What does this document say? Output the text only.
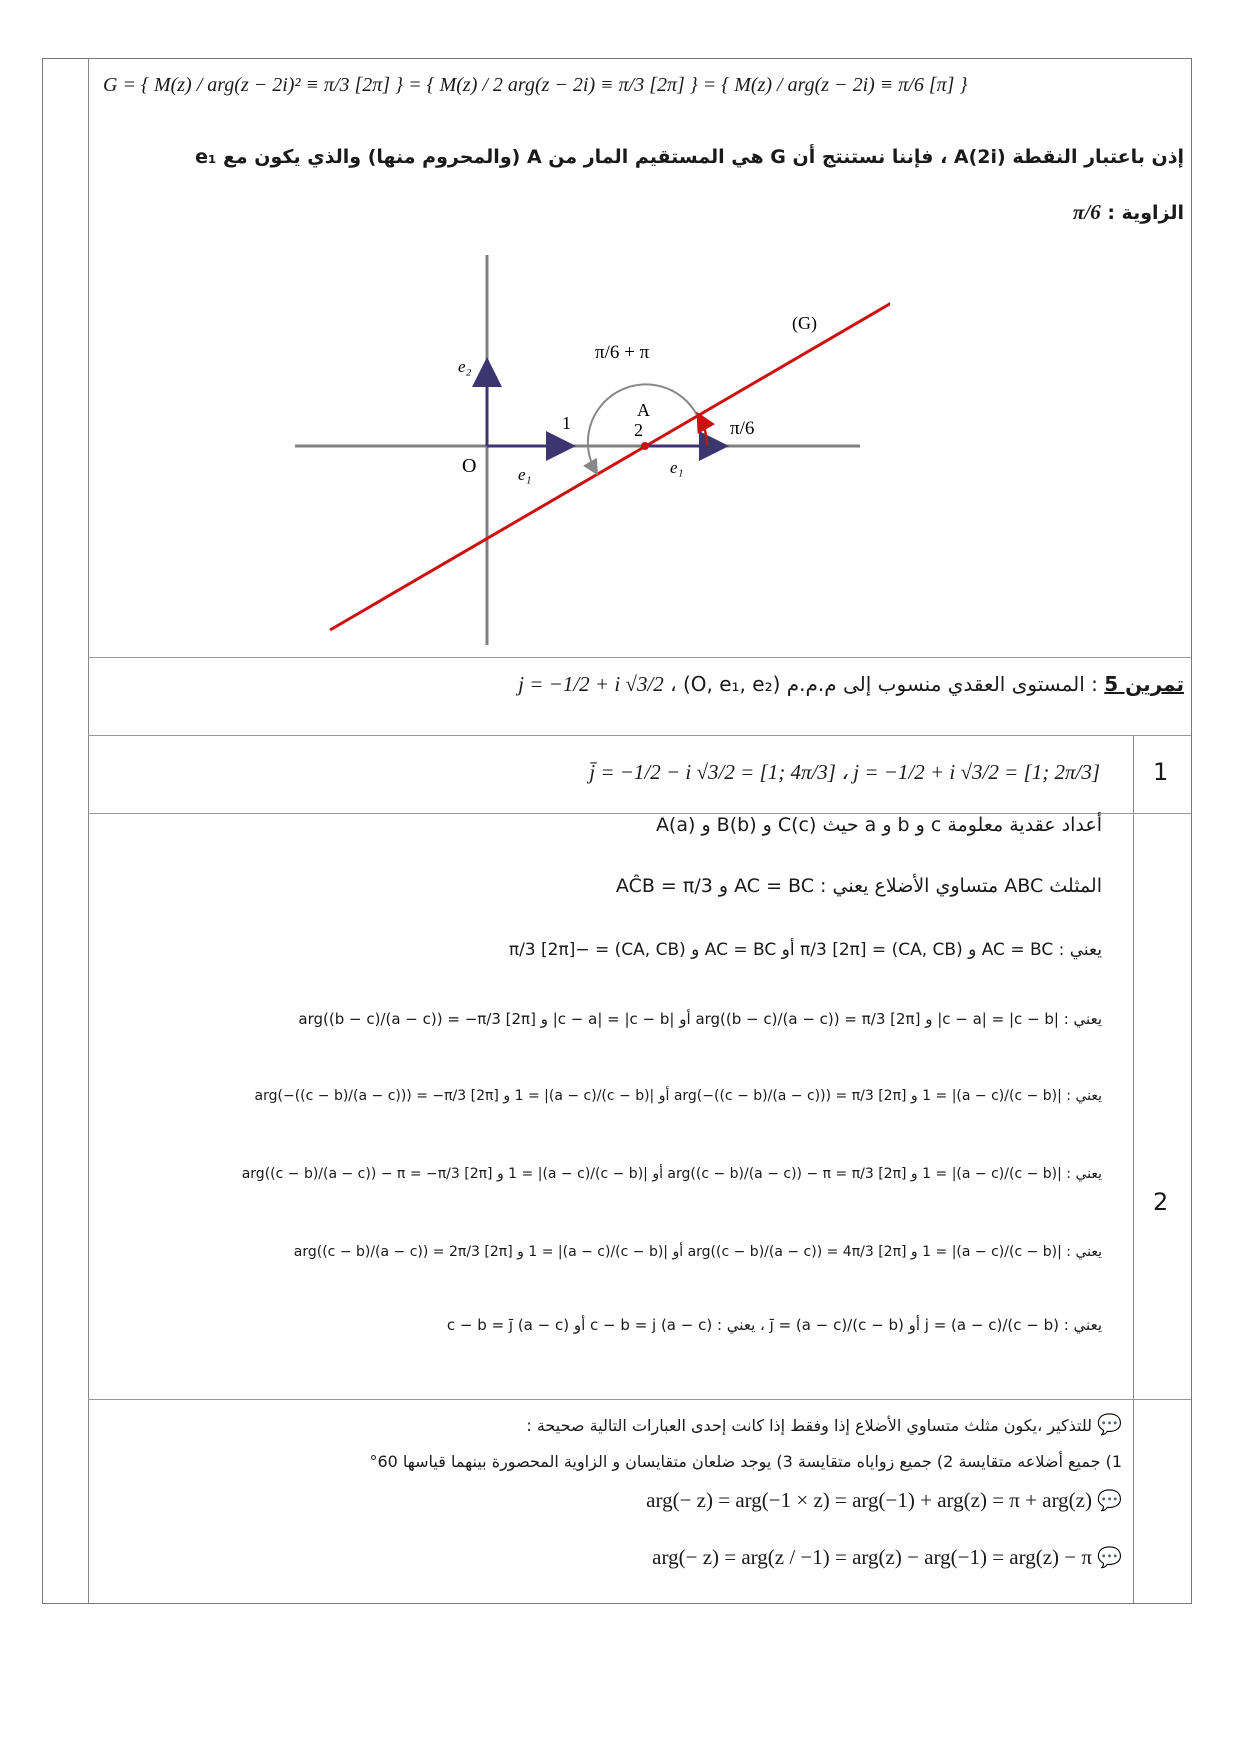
G = { M(z) / arg(z − 2i)² ≡ π/3 [2π] } = { M(z) / 2 arg(z − 2i) ≡ π/3 [2π] } = { M(z) / arg(z − 2i) ≡ π/6 [π] }
إذن باعتبار النقطة A(2i) ، فإننا نستنتج أن G هي المستقيم المار من A (والمحروم منها) والذي يكون مع e₁
الزاوية : π/6
(G)
O e₁	e₁
e₂
1
A
2
π/6 + π
π/6
تمرين 5 : المستوى العقدي منسوب إلى م.م.م (O, e₁, e₂) ، j = −1/2 + i √3/2
1
j̄ = −1/2 − i √3/2 = [1; 4π/3] ، j = −1/2 + i √3/2 = [1; 2π/3]
2
A(a) و B(b) و C(c) حيث a و b و c أعداد عقدية معلومة
المثلث ABC متساوي الأضلاع يعني : AC = BC و AĈB = π/3
يعني : AC = BC و (CA, CB) = π/3 [2π] أو AC = BC و (CA, CB) = −π/3 [2π]
يعني : |c − a| = |c − b| و arg((b − c)/(a − c)) = π/3 [2π] أو |c − a| = |c − b| و arg((b − c)/(a − c)) = −π/3 [2π]
يعني : |(c − b)/(a − c)| = 1 و arg(−((c − b)/(a − c))) = π/3 [2π] أو |(c − b)/(a − c)| = 1 و arg(−((c − b)/(a − c))) = −π/3 [2π]
يعني : |(c − b)/(a − c)| = 1 و arg((c − b)/(a − c)) − π = π/3 [2π] أو |(c − b)/(a − c)| = 1 و arg((c − b)/(a − c)) − π = −π/3 [2π]
يعني : |(c − b)/(a − c)| = 1 و arg((c − b)/(a − c)) = 4π/3 [2π] أو |(c − b)/(a − c)| = 1 و arg((c − b)/(a − c)) = 2π/3 [2π]
يعني : (c − b)/(a − c) = j أو (c − b)/(a − c) = j̄ ، يعني : c − b = j (a − c) أو c − b = j̄ (a − c)
💬 للتذكير ،يكون مثلث متساوي الأضلاع إذا وفقط إذا كانت إحدى العبارات التالية صحيحة :
1) جميع أضلاعه متقايسة 2) جميع زواياه متقايسة 3) يوجد ضلعان متقايسان و الزاوية المحصورة بينهما قياسها 60°
arg(− z) = arg(−1 × z) = arg(−1) + arg(z) = π + arg(z) 💬
arg(− z) = arg(z / −1) = arg(z) − arg(−1) = arg(z) − π 💬
